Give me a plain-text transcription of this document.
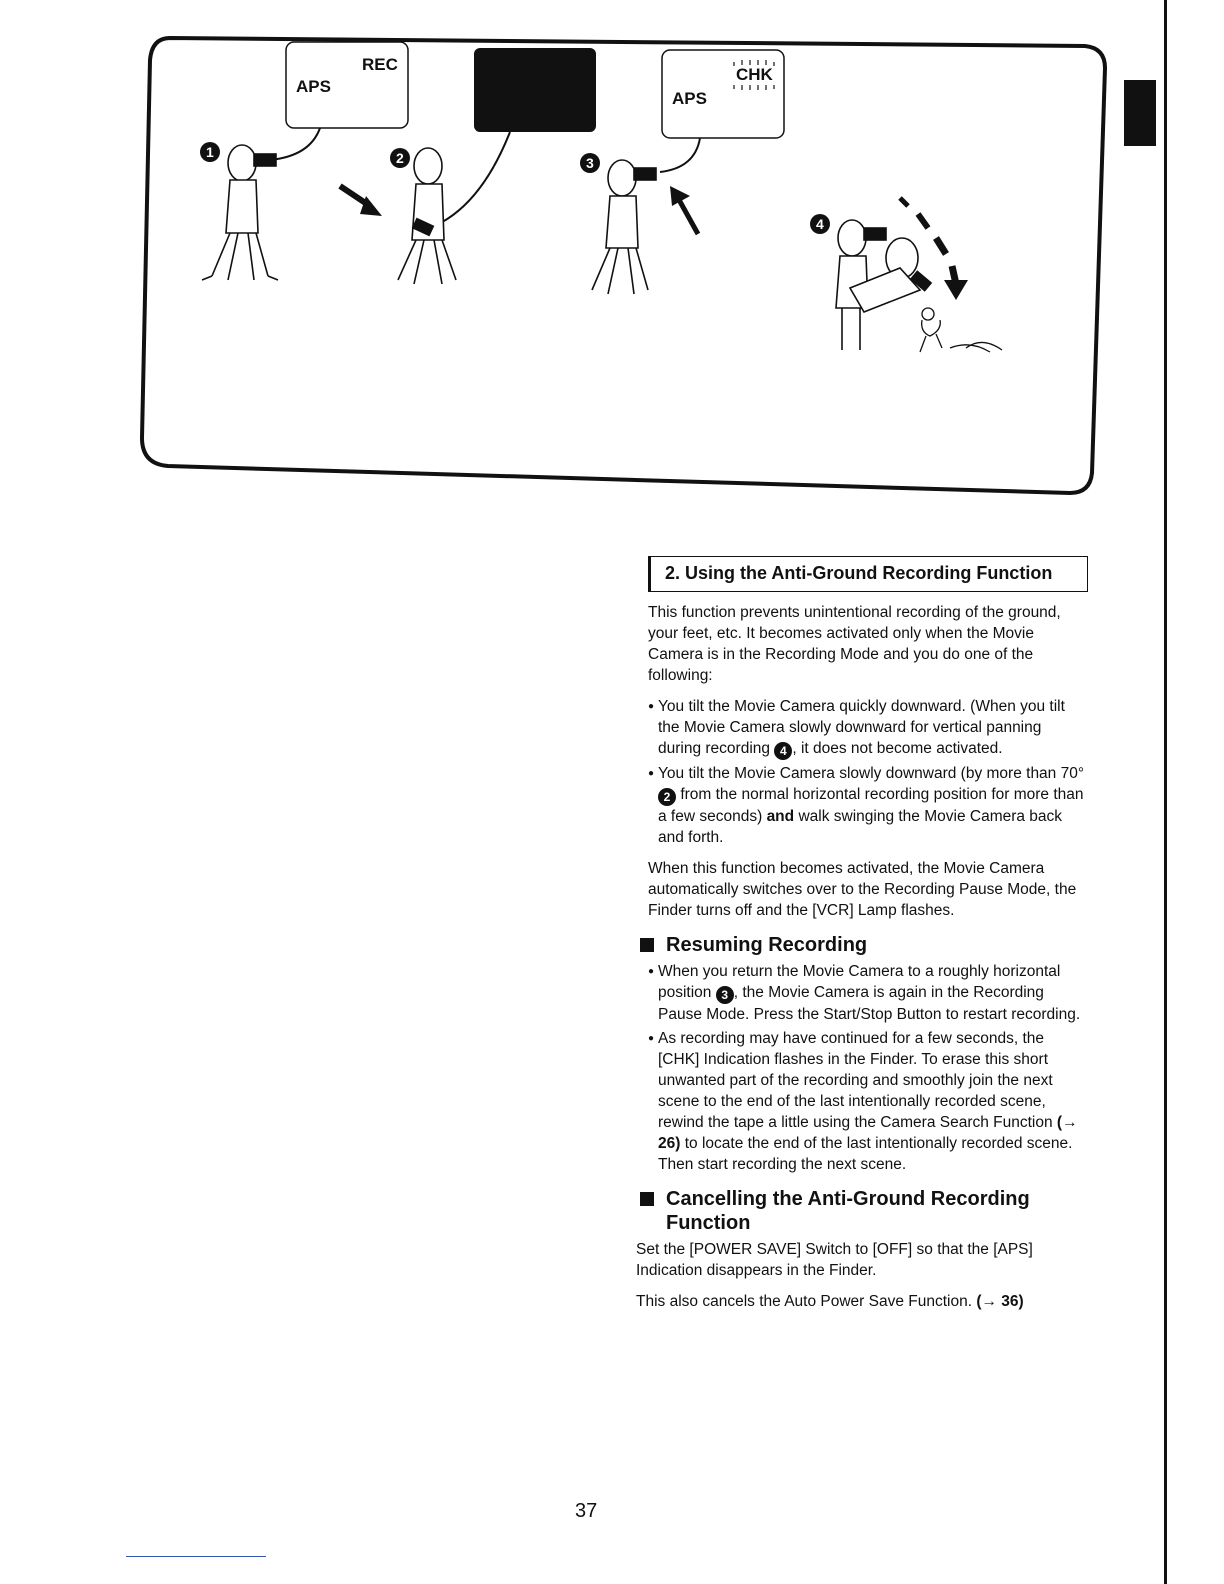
REC
APS
CHK
APS
1	2	3
4
2. Using the Anti-Ground Recording Function

This function prevents unintentional recording of the ground, your feet, etc. It becomes activated only when the Movie Camera is in the Recording Mode and you do one of the following:

● You tilt the Movie Camera quickly downward. (When you tilt the Movie Camera slowly downward for vertical panning during recording 4 , it does not become activated.
● You tilt the Movie Camera slowly downward (by more than 70° 2 from the normal horizontal recording position for more than a few seconds) and walk swinging the Movie Camera back and forth.

When this function becomes activated, the Movie Camera automatically switches over to the Recording Pause Mode, the Finder turns off and the [VCR] Lamp flashes.

Resuming Recording
● When you return the Movie Camera to a roughly horizontal position 3 , the Movie Camera is again in the Recording Pause Mode. Press the Start/Stop Button to restart recording.
● As recording may have continued for a few seconds, the [CHK] Indication flashes in the Finder. To erase this short unwanted part of the recording and smoothly join the next scene to the end of the last intentionally recorded scene, rewind the tape a little using the Camera Search Function (→ 26) to locate the end of the last intentionally recorded scene. Then start recording the next scene.
Cancelling the Anti-Ground Recording Function

Set the [POWER SAVE] Switch to [OFF] so that the [APS] Indication disappears in the Finder.

This also cancels the Auto Power Save Function. (→ 36)

37
